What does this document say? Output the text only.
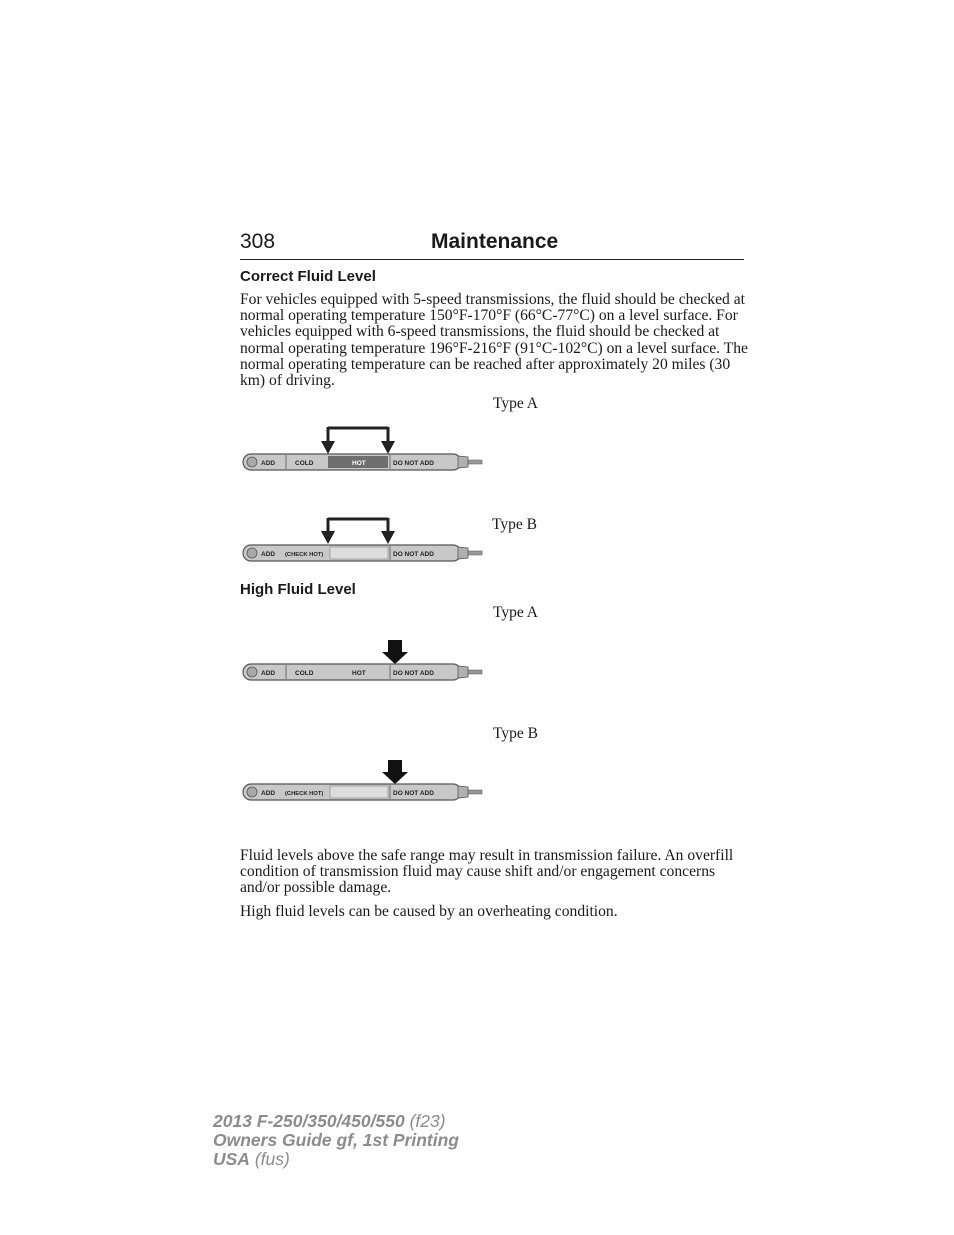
308	Maintenance
Correct Fluid Level
For vehicles equipped with 5-speed transmissions, the fluid should be checked at normal operating temperature 150°F-170°F (66°C-77°C) on a level surface. For vehicles equipped with 6-speed transmissions, the fluid should be checked at normal operating temperature 196°F-216°F (91°C-102°C) on a level surface. The normal operating temperature can be reached after approximately 20 miles (30 km) of driving.
Type A
ADD	COLD	HOT	DO NOT ADD
Type B
ADD (CHECK HOT)	DO NOT ADD
High Fluid Level
Type A
ADD	COLD	HOT	DO NOT ADD
Type B
ADD (CHECK HOT)	DO NOT ADD
Fluid levels above the safe range may result in transmission failure. An overfill condition of transmission fluid may cause shift and/or engagement concerns and/or possible damage.
High fluid levels can be caused by an overheating condition.
2013 F-250/350/450/550 (f23)
Owners Guide gf, 1st Printing
USA (fus)
